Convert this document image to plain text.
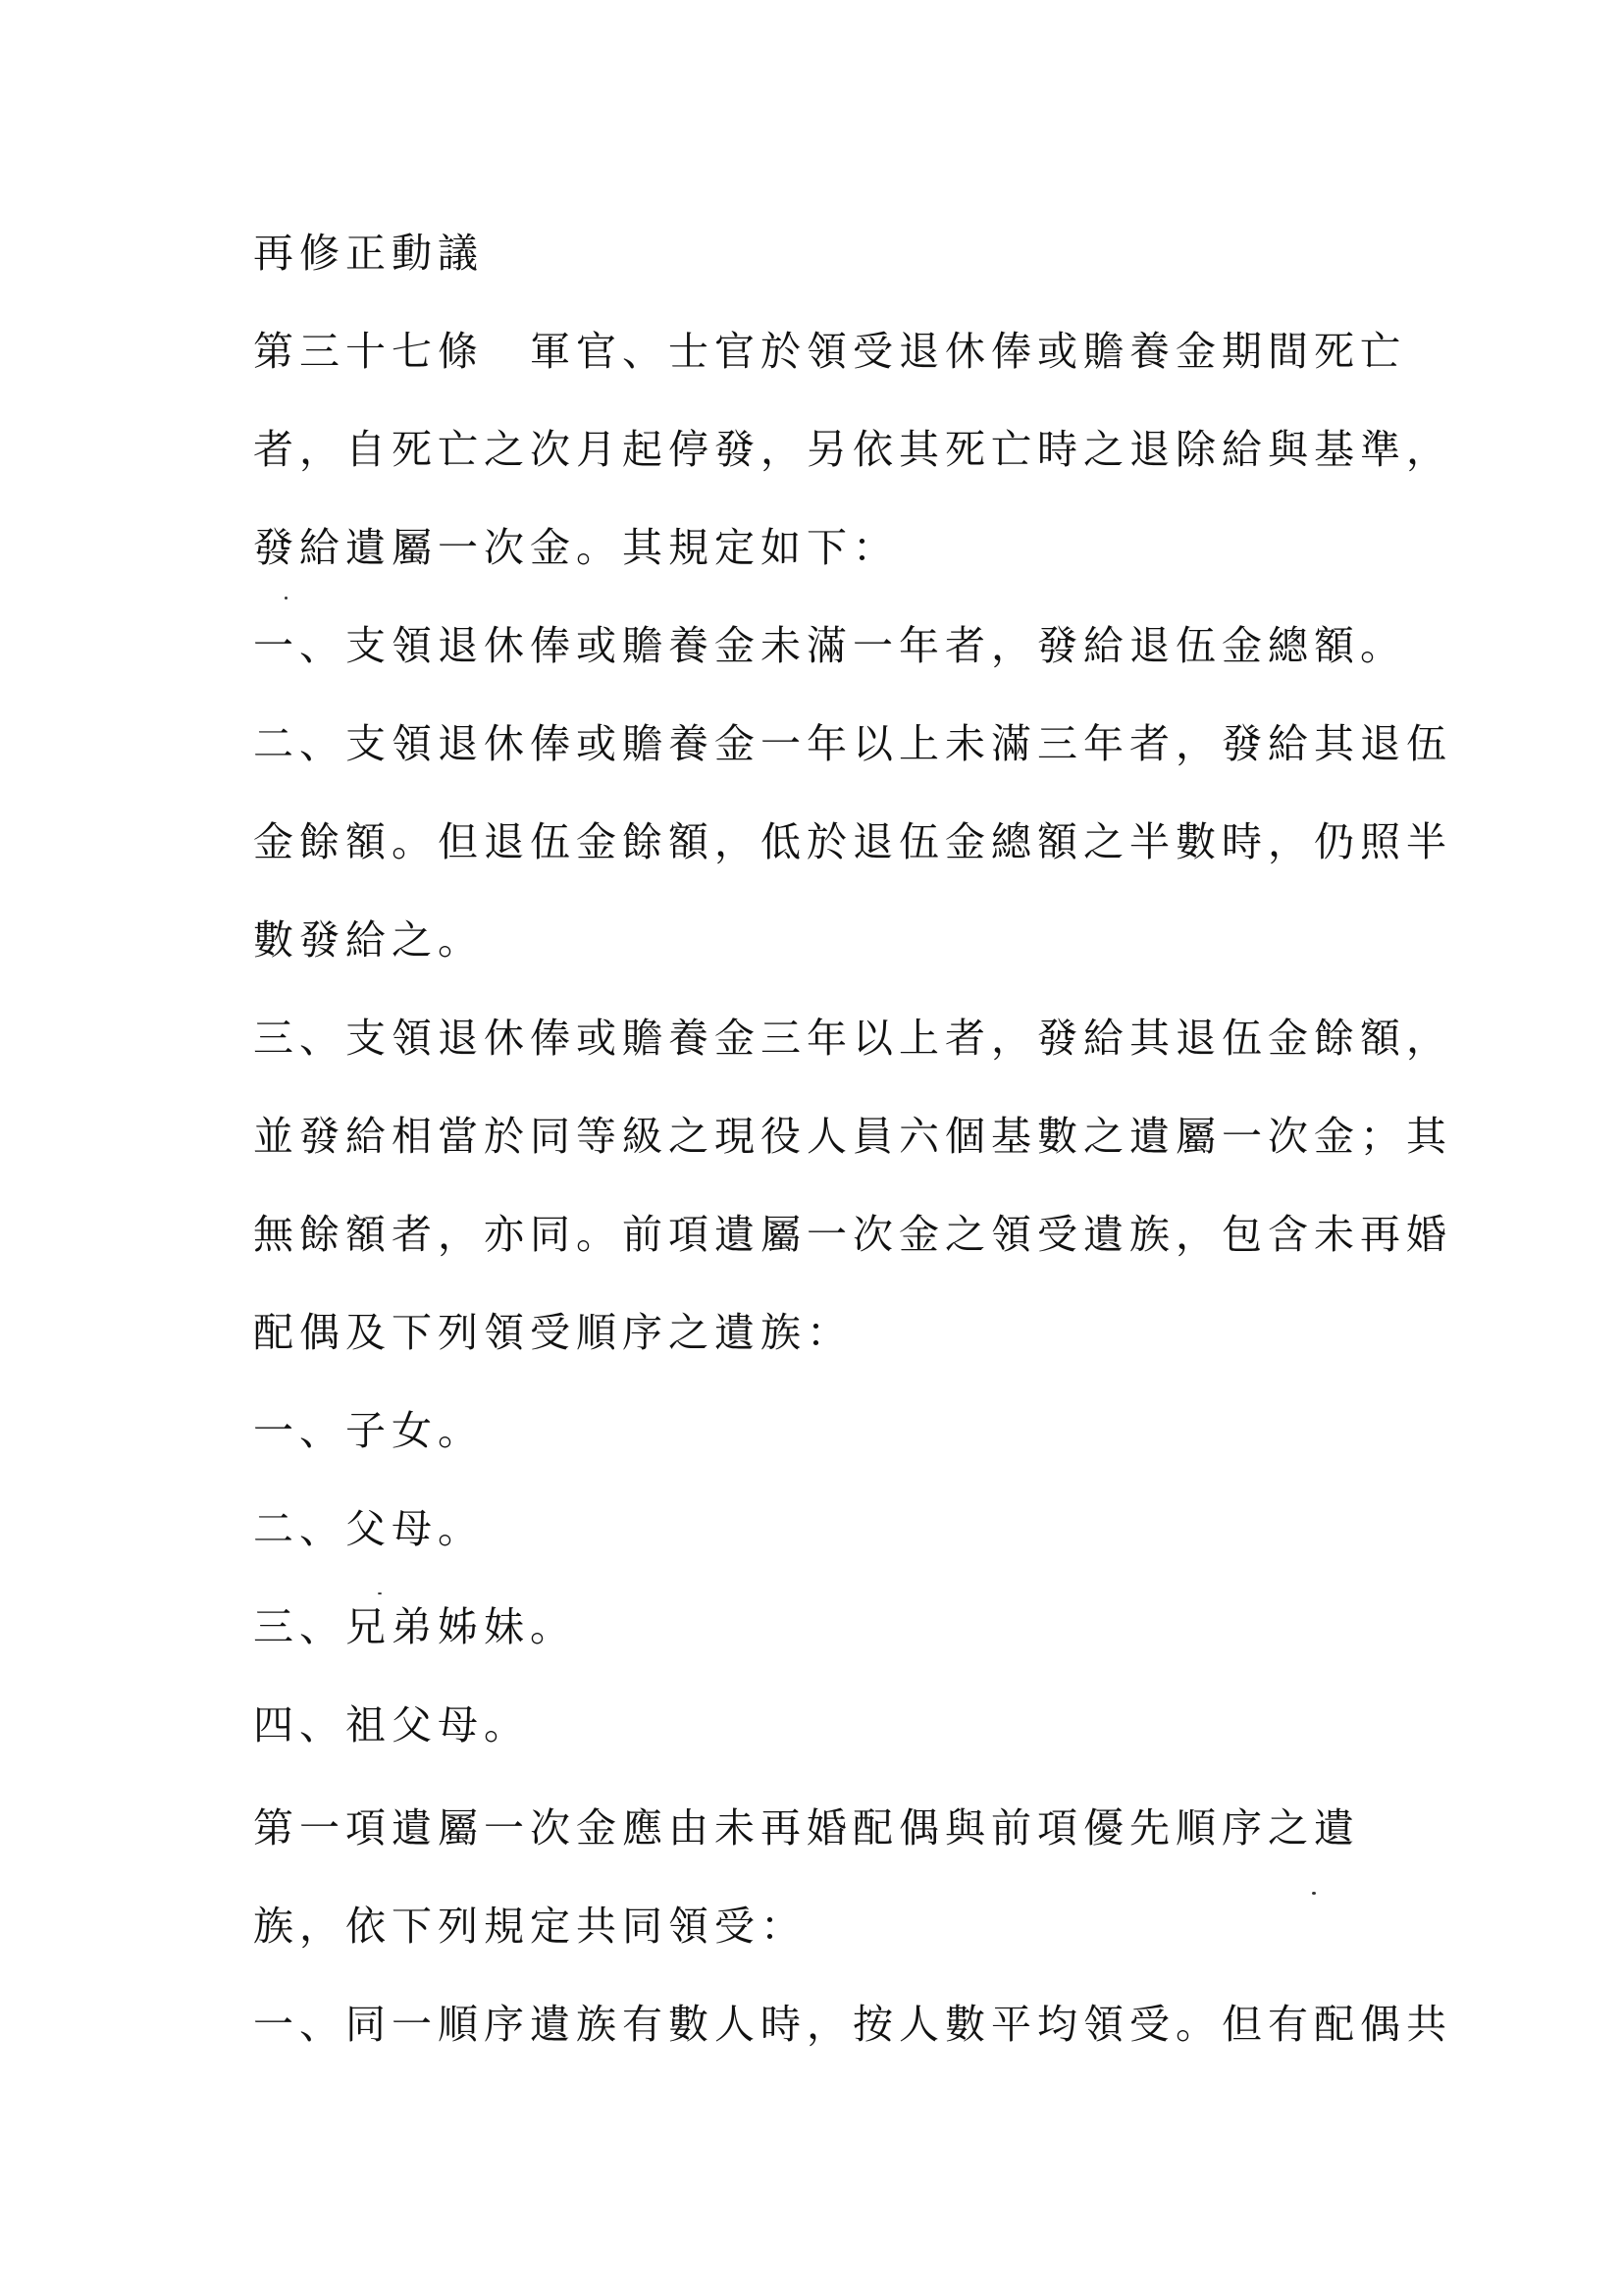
再修正動議
第三十七條　軍官、士官於領受退休俸或贍養金期間死亡
者，自死亡之次月起停發，另依其死亡時之退除給與基準，
發給遺屬一次金。其規定如下：
一、支領退休俸或贍養金未滿一年者，發給退伍金總額。
二、支領退休俸或贍養金一年以上未滿三年者，發給其退伍
金餘額。但退伍金餘額，低於退伍金總額之半數時，仍照半
數發給之。
三、支領退休俸或贍養金三年以上者，發給其退伍金餘額，
並發給相當於同等級之現役人員六個基數之遺屬一次金；其
無餘額者，亦同。前項遺屬一次金之領受遺族，包含未再婚
配偶及下列領受順序之遺族：
一、子女。
二、父母。
三、兄弟姊妹。
四、祖父母。
第一項遺屬一次金應由未再婚配偶與前項優先順序之遺
族，依下列規定共同領受：
一、同一順序遺族有數人時，按人數平均領受。但有配偶共
